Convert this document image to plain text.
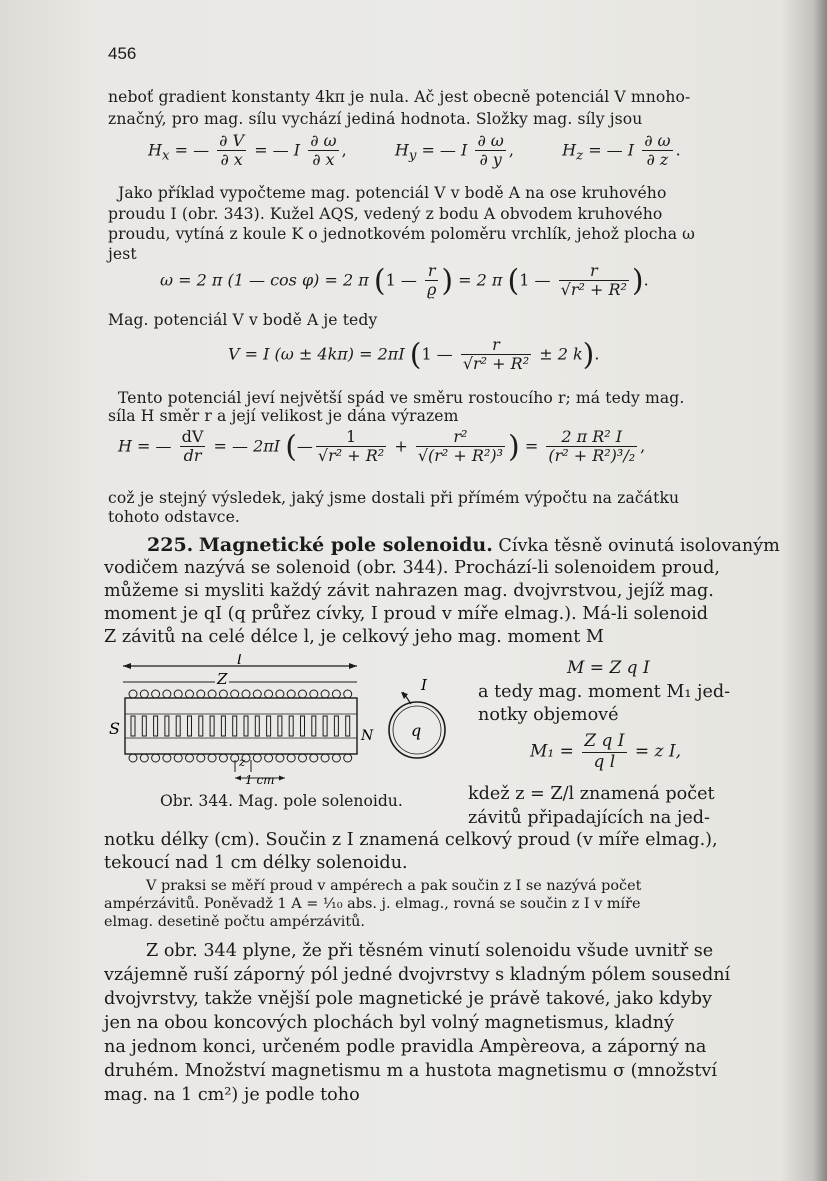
456
neboť gradient konstanty 4kπ je nula. Ač jest obecně potenciál V mnoho-
značný, pro mag. sílu vychází jediná hodnota. Složky mag. síly jsou
$H_x$ = — $\frac{\partial V}{\partial x}$ = — I $\frac{\partial \omega}{\partial x}$ ,	$H_y$ = — I $\frac{\partial \omega}{\partial y}$ ,	$H_z$ = — I $\frac{\partial \omega}{\partial z}$ .
Jako příklad vypočteme mag. potenciál V v bodě A na ose kruhového
proudu I (obr. 343). Kužel AQS, vedený z bodu A obvodem kruhového
proudu, vytíná z koule K o jednotkovém poloměru vrchlík, jehož plocha ω
jest
ω = 2 π (1 — cos φ) = 2 π (1 — $\frac{r}{ϱ}$ ) = 2 π (1 — $\frac{r}{\text{√r² + R²}}$ ).
Mag. potenciál V v bodě A je tedy
V = I (ω ± 4kπ) = 2πI (1 — $\frac{r}{\text{√r² + R²}} \pm 2$ k).
Tento potenciál jeví největší spád ve směru rostoucího r; má tedy mag.
síla H směr r a její velikost je dána výrazem
H = — $\frac{dV}{dr}$ = — 2πI (— $\frac{1}{\text{√r² + R²}} + \frac{\text{r²}}{\text{√(r² + R²)³}}$ ) = $\frac{\text{2 π R² I}}{\text{(r² + R²)³/₂}}$ ,
což je stejný výsledek, jaký jsme dostali při přímém výpočtu na začátku
tohoto odstavce.
225. Magnetické pole solenoidu. Cívka těsně ovinutá isolovaným
vodičem nazývá se solenoid (obr. 344). Prochází-li solenoidem proud,
můžeme si mysliti každý závit nahrazen mag. dvojvrstvou, jejíž mag.
moment je qI (q průřez cívky, I proud v míře elmag.). Má-li solenoid
Z závitů na celé délce l, je celkový jeho mag. moment M
l
Z
S	N
z
1 cm
I
q
Obr. 344. Mag. pole solenoidu.
M = Z q I
a tedy mag. moment M₁ jed-
notky objemové
$M_1 = \frac{\text{Z q I}}{\text{q l}} = z$ I,
kdež z = Z/l znamená počet
závitů připadajících na jed-
notku délky (cm). Součin z I znamená celkový proud (v míře elmag.),
tekoucí nad 1 cm délky solenoidu.
V praksi se měří proud v ampérech a pak součin z I se nazývá počet
ampérzávitů. Poněvadž 1 A = ¹⁄₁₀ abs. j. elmag., rovná se součin z I v míře
elmag. desetině počtu ampérzávitů.
Z obr. 344 plyne, že při těsném vinutí solenoidu všude uvnitř se
vzájemně ruší záporný pól jedné dvojvrstvy s kladným pólem sousední
dvojvrstvy, takže vnější pole magnetické je právě takové, jako kdyby
jen na obou koncových plochách byl volný magnetismus, kladný
na jednom konci, určeném podle pravidla Ampèreova, a záporný na
druhém. Množství magnetismu m a hustota magnetismu σ (množství
mag. na 1 cm²) je podle toho
